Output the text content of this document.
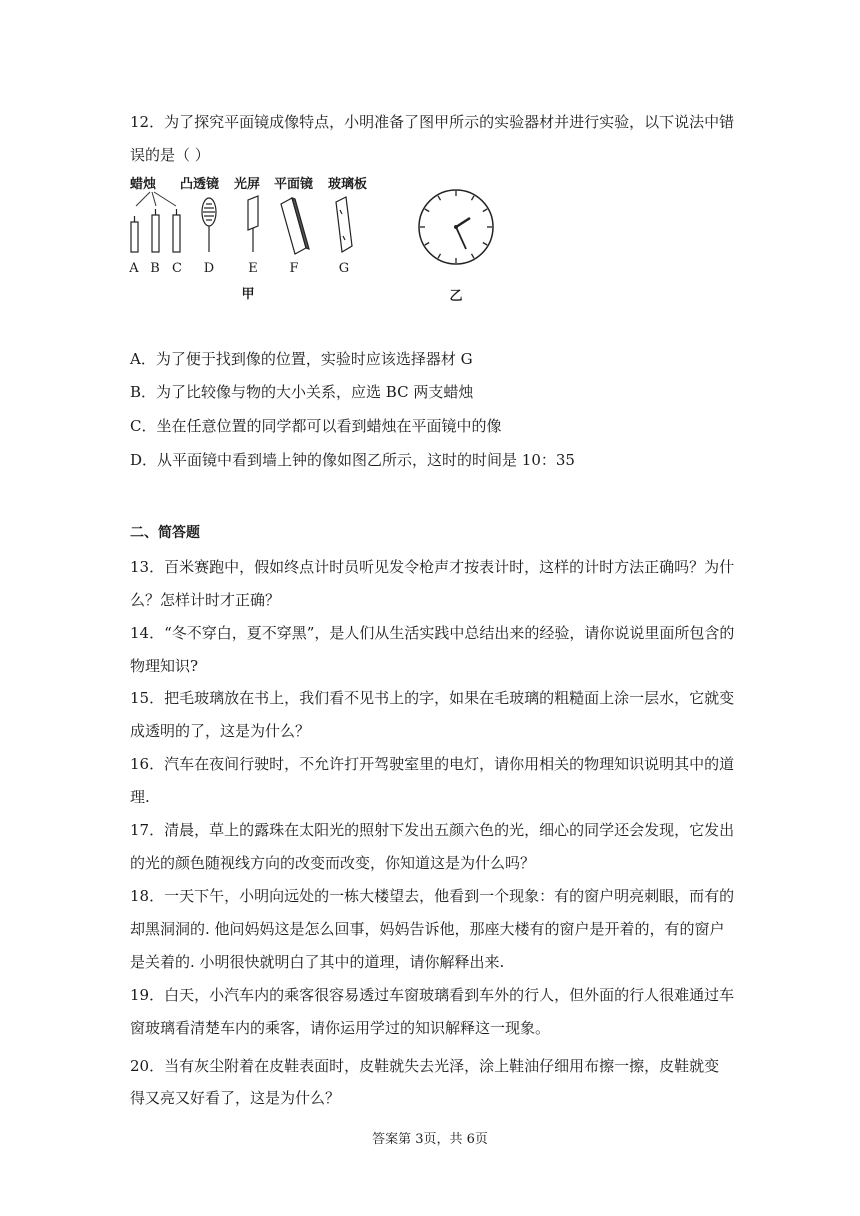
12．为了探究平面镜成像特点，小明准备了图甲所示的实验器材并进行实验，以下说法中错
误的是（ ）
蜡烛 凸透镜 光屏 平面镜 玻璃板
A B C D	E F	G
甲	乙
A．为了便于找到像的位置，实验时应该选择器材 G
B．为了比较像与物的大小关系，应选 BC 两支蜡烛
C．坐在任意位置的同学都可以看到蜡烛在平面镜中的像
D．从平面镜中看到墙上钟的像如图乙所示，这时的时间是 10：35
二、简答题
13．百米赛跑中，假如终点计时员听见发令枪声才按表计时，这样的计时方法正确吗？为什
么？怎样计时才正确？
14．“冬不穿白，夏不穿黑”，是人们从生活实践中总结出来的经验，请你说说里面所包含的
物理知识?
15．把毛玻璃放在书上，我们看不见书上的字，如果在毛玻璃的粗糙面上涂一层水，它就变
成透明的了，这是为什么？
16．汽车在夜间行驶时，不允许打开驾驶室里的电灯，请你用相关的物理知识说明其中的道
理.
17．清晨，草上的露珠在太阳光的照射下发出五颜六色的光，细心的同学还会发现，它发出
的光的颜色随视线方向的改变而改变，你知道这是为什么吗？
18．一天下午，小明向远处的一栋大楼望去，他看到一个现象：有的窗户明亮刺眼，而有的
却黑洞洞的. 他问妈妈这是怎么回事，妈妈告诉他，那座大楼有的窗户是开着的，有的窗户
是关着的. 小明很快就明白了其中的道理，请你解释出来.
19．白天，小汽车内的乘客很容易透过车窗玻璃看到车外的行人，但外面的行人很难通过车
窗玻璃看清楚车内的乘客，请你运用学过的知识解释这一现象。
20．当有灰尘附着在皮鞋表面时，皮鞋就失去光泽，涂上鞋油仔细用布擦一擦，皮鞋就变
得又亮又好看了，这是为什么？
答案第 3页，共 6页
